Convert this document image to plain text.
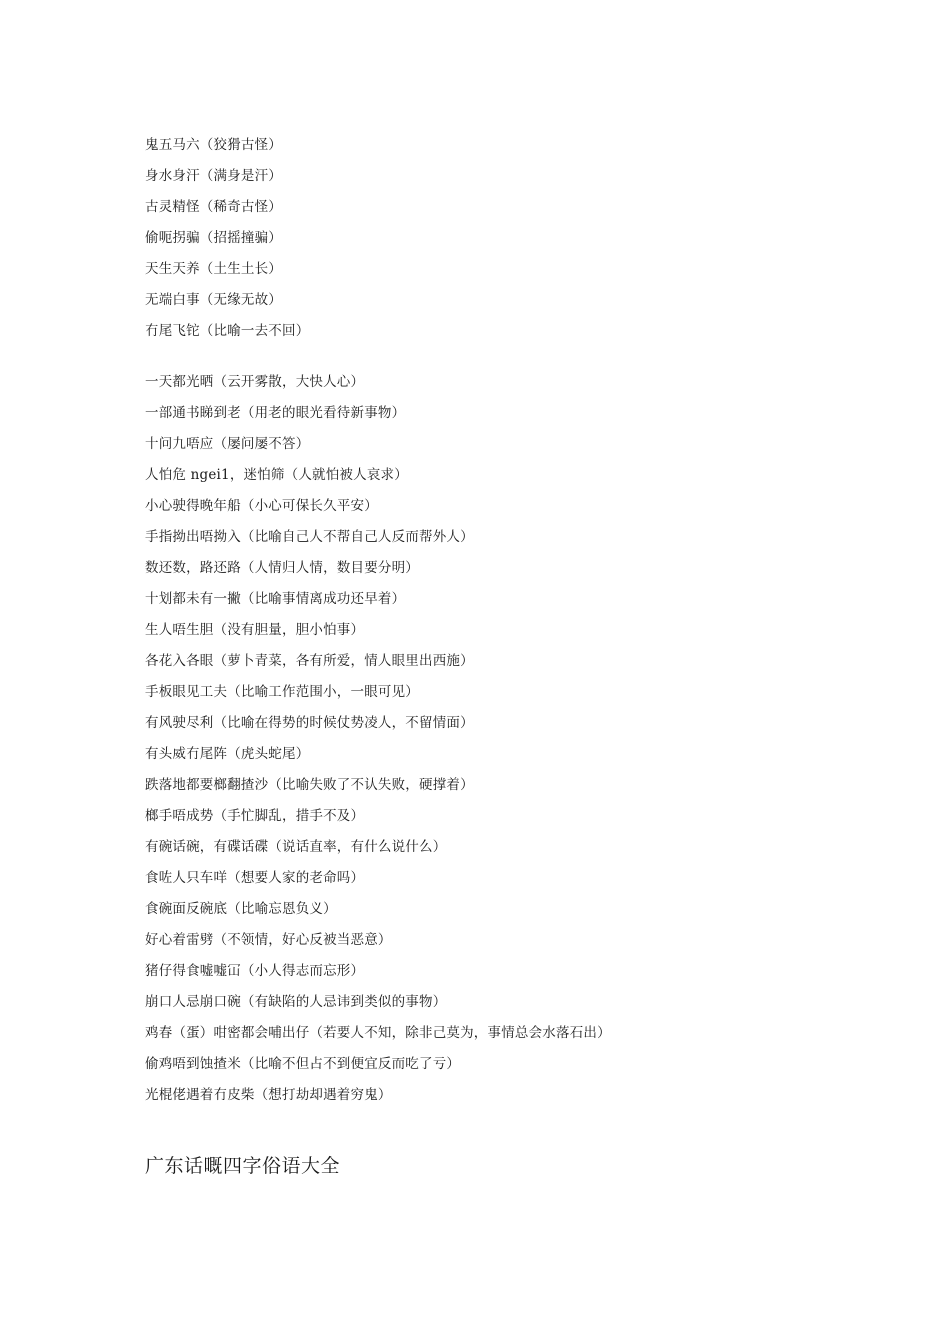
鬼五马六（狡猾古怪）
身水身汗（满身是汗）
古灵精怪（稀奇古怪）
偷呃拐骗（招摇撞骗）
天生天养（土生土长）
无端白事（无缘无故）
冇尾飞铊（比喻一去不回）
一天都光晒（云开雾散，大快人心）
一部通书睇到老（用老的眼光看待新事物）
十问九唔应（屡问屡不答）
人怕危 ngei1，迷怕筛（人就怕被人哀求）
小心驶得晚年船（小心可保长久平安）
手指拗出唔拗入（比喻自己人不帮自己人反而帮外人）
数还数，路还路（人情归人情，数目要分明）
十划都未有一撇（比喻事情离成功还早着）
生人唔生胆（没有胆量，胆小怕事）
各花入各眼（萝卜青菜，各有所爱，情人眼里出西施）
手板眼见工夫（比喻工作范围小，一眼可见）
有风驶尽利（比喻在得势的时候仗势凌人，不留情面）
有头威冇尾阵（虎头蛇尾）
跌落地都要榔翻揸沙（比喻失败了不认失败，硬撑着）
榔手唔成势（手忙脚乱，措手不及）
有碗话碗，有碟话碟（说话直率，有什么说什么）
食咗人只车咩（想要人家的老命吗）
食碗面反碗底（比喻忘恩负义）
好心着雷劈（不领情，好心反被当恶意）
猪仔得食嘘嘘冚（小人得志而忘形）
崩口人忌崩口碗（有缺陷的人忌讳到类似的事物）
鸡春（蛋）咁密都会哺出仔（若要人不知，除非己莫为，事情总会水落石出）
偷鸡唔到蚀揸米（比喻不但占不到便宜反而吃了亏）
光棍佬遇着冇皮柴（想打劫却遇着穷鬼）
广东话嘅四字俗语大全
